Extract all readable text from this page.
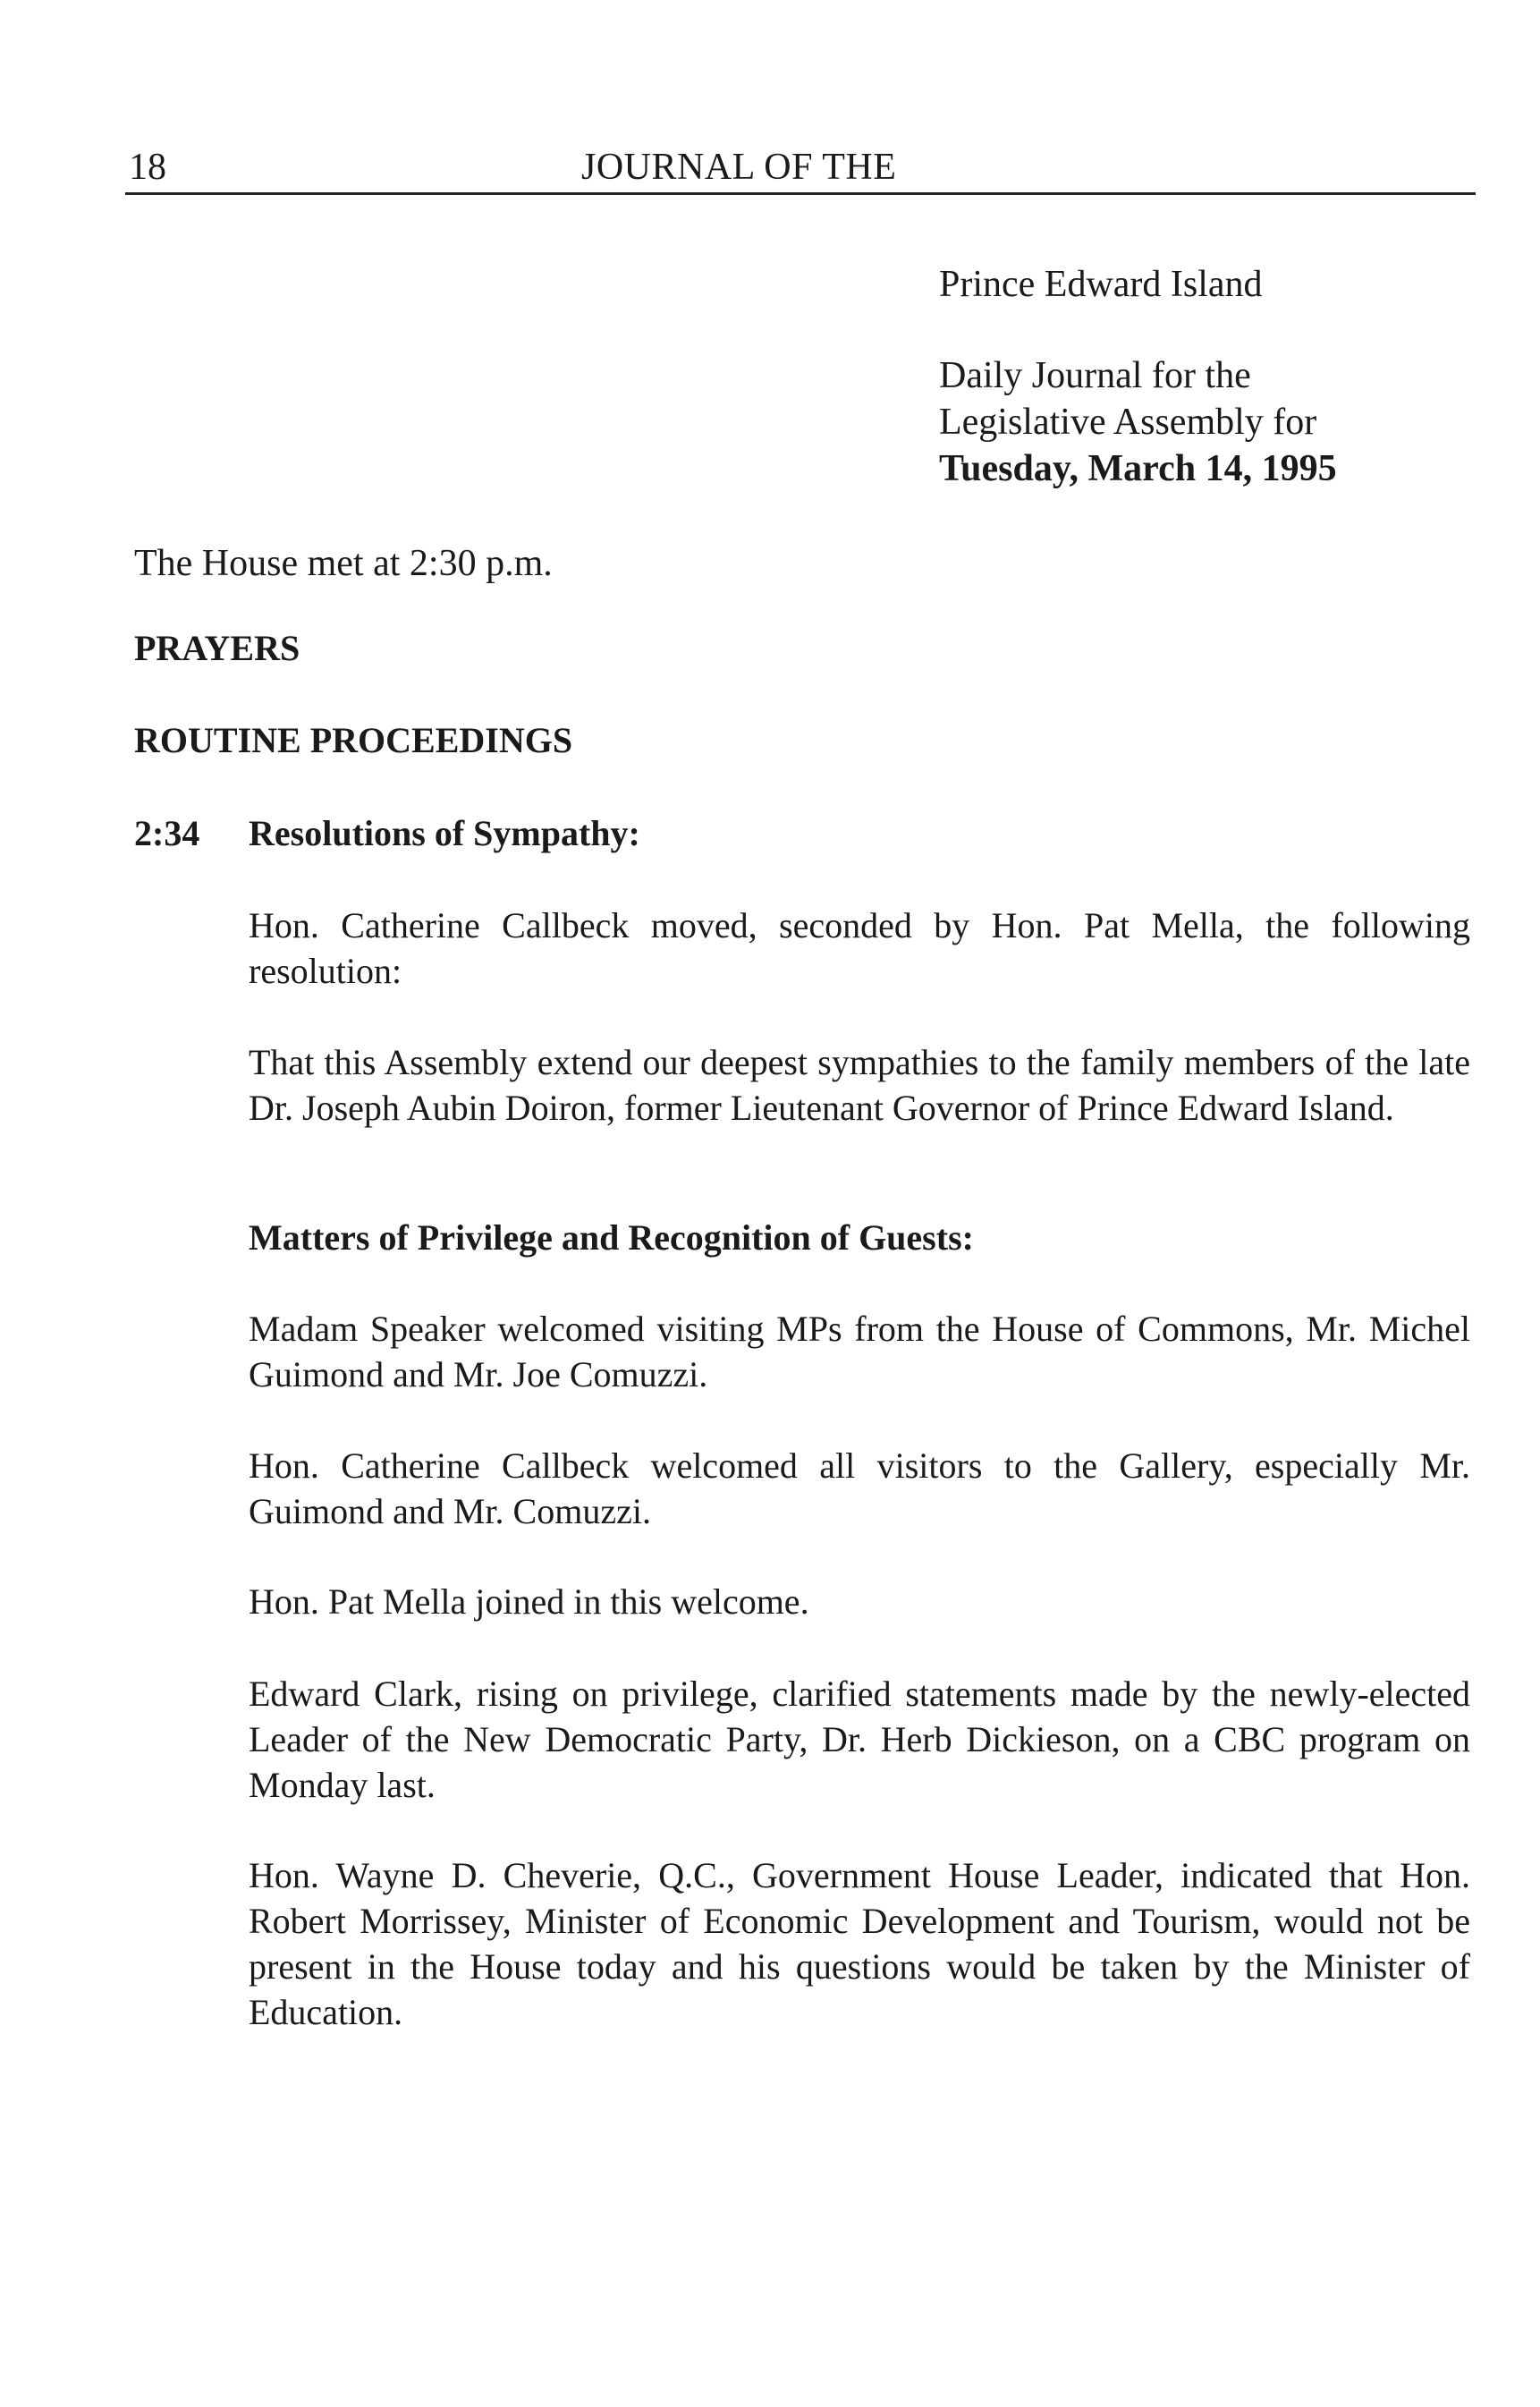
18	JOURNAL OF THE
Prince Edward Island
Daily Journal for the
Legislative Assembly for
Tuesday, March 14, 1995
The House met at 2:30 p.m.
PRAYERS
ROUTINE PROCEEDINGS
2:34 Resolutions of Sympathy:
Hon. Catherine Callbeck moved, seconded by Hon. Pat Mella, the following resolution:
That this Assembly extend our deepest sympathies to the family members of the late Dr. Joseph Aubin Doiron, former Lieutenant Governor of Prince Edward Island.
Matters of Privilege and Recognition of Guests:
Madam Speaker welcomed visiting MPs from the House of Commons, Mr. Michel Guimond and Mr. Joe Comuzzi.
Hon. Catherine Callbeck welcomed all visitors to the Gallery, especially Mr. Guimond and Mr. Comuzzi.
Hon. Pat Mella joined in this welcome.
Edward Clark, rising on privilege, clarified statements made by the newly-elected Leader of the New Democratic Party, Dr. Herb Dickieson, on a CBC program on Monday last.
Hon. Wayne D. Cheverie, Q.C., Government House Leader, indicated that Hon. Robert Morrissey, Minister of Economic Development and Tourism, would not be present in the House today and his questions would be taken by the Minister of Education.
